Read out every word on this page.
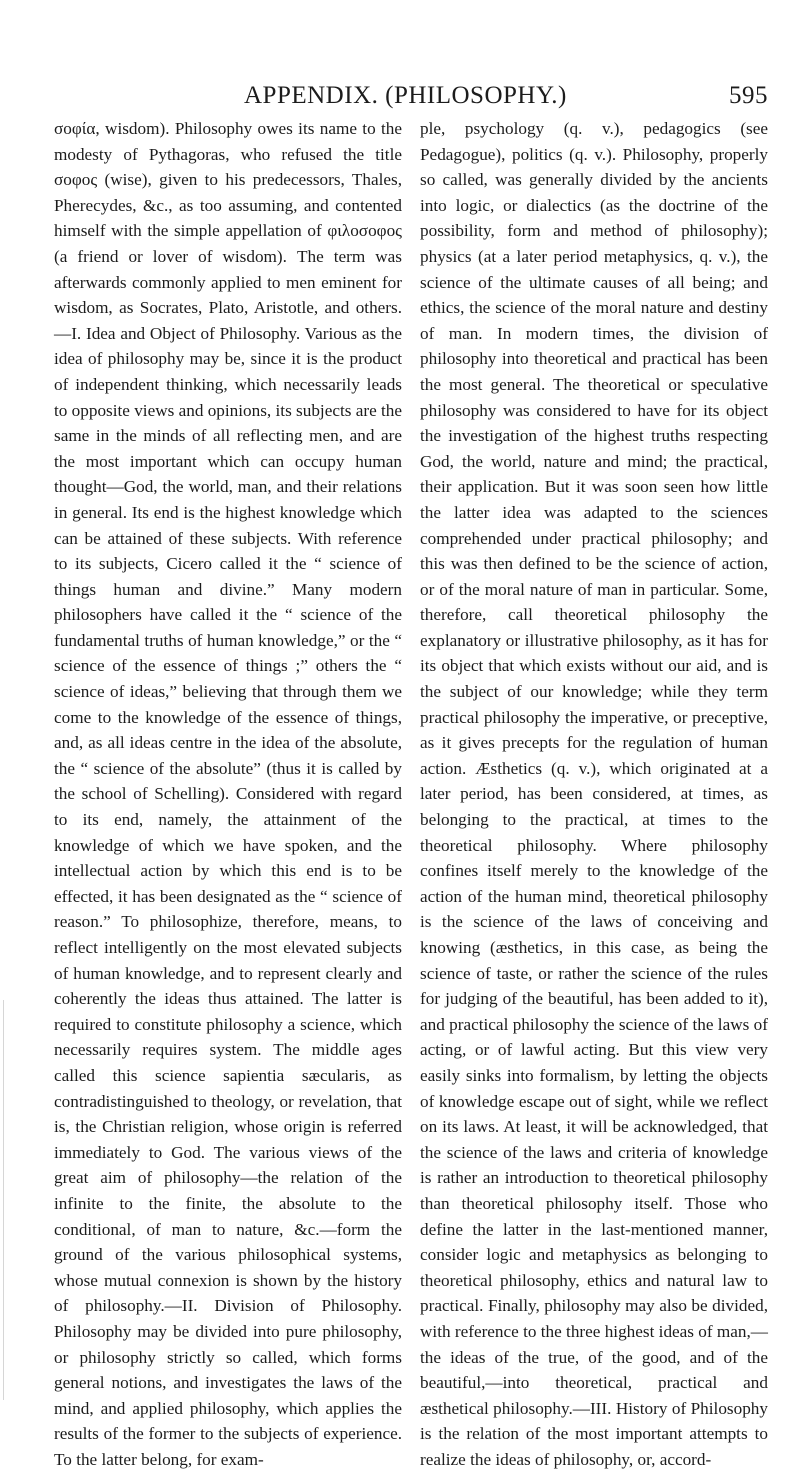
APPENDIX. (PHILOSOPHY.)	595

σοφία, wisdom). Philosophy owes its name to the modesty of Pythagoras, who refused the title σοφος (wise), given to his predecessors, Thales, Pherecydes, &c., as too assuming, and contented himself with the simple appellation of φιλοσοφος (a friend or lover of wisdom). The term was afterwards commonly applied to men eminent for wisdom, as Socrates, Plato, Aristotle, and others.—I. Idea and Object of Philosophy. Various as the idea of philosophy may be, since it is the product of independent thinking, which necessarily leads to opposite views and opinions, its subjects are the same in the minds of all reflecting men, and are the most important which can occupy human thought—God, the world, man, and their relations in general. Its end is the highest knowledge which can be attained of these subjects. With reference to its subjects, Cicero called it the “ science of things human and divine.” Many modern philosophers have called it the “ science of the fundamental truths of human knowledge,” or the “ science of the essence of things ;” others the “ science of ideas,” believing that through them we come to the knowledge of the essence of things, and, as all ideas centre in the idea of the absolute, the “ science of the absolute” (thus it is called by the school of Schelling). Considered with regard to its end, namely, the attainment of the knowledge of which we have spoken, and the intellectual action by which this end is to be effected, it has been designated as the “ science of reason.” To philosophize, therefore, means, to reflect intelligently on the most elevated subjects of human knowledge, and to represent clearly and coherently the ideas thus attained. The latter is required to constitute philosophy a science, which necessarily requires system. The middle ages called this science sapientia sæcularis, as contradistinguished to theology, or revelation, that is, the Christian religion, whose origin is referred immediately to God. The various views of the great aim of philosophy—the relation of the infinite to the finite, the absolute to the conditional, of man to nature, &c.—form the ground of the various philosophical systems, whose mutual connexion is shown by the history of philosophy.—II. Division of Philosophy. Philosophy may be divided into pure philosophy, or philosophy strictly so called, which forms general notions, and investigates the laws of the mind, and applied philosophy, which applies the results of the former to the subjects of experience. To the latter belong, for exam-

ple, psychology (q. v.), pedagogics (see Pedagogue), politics (q. v.). Philosophy, properly so called, was generally divided by the ancients into logic, or dialectics (as the doctrine of the possibility, form and method of philosophy); physics (at a later period metaphysics, q. v.), the science of the ultimate causes of all being; and ethics, the science of the moral nature and destiny of man. In modern times, the division of philosophy into theoretical and practical has been the most general. The theoretical or speculative philosophy was considered to have for its object the investigation of the highest truths respecting God, the world, nature and mind; the practical, their application. But it was soon seen how little the latter idea was adapted to the sciences comprehended under practical philosophy; and this was then defined to be the science of action, or of the moral nature of man in particular. Some, therefore, call theoretical philosophy the explanatory or illustrative philosophy, as it has for its object that which exists without our aid, and is the subject of our knowledge; while they term practical philosophy the imperative, or preceptive, as it gives precepts for the regulation of human action. Æsthetics (q. v.), which originated at a later period, has been considered, at times, as belonging to the practical, at times to the theoretical philosophy. Where philosophy confines itself merely to the knowledge of the action of the human mind, theoretical philosophy is the science of the laws of conceiving and knowing (æsthetics, in this case, as being the science of taste, or rather the science of the rules for judging of the beautiful, has been added to it), and practical philosophy the science of the laws of acting, or of lawful acting. But this view very easily sinks into formalism, by letting the objects of knowledge escape out of sight, while we reflect on its laws. At least, it will be acknowledged, that the science of the laws and criteria of knowledge is rather an introduction to theoretical philosophy than theoretical philosophy itself. Those who define the latter in the last-mentioned manner, consider logic and metaphysics as belonging to theoretical philosophy, ethics and natural law to practical. Finally, philosophy may also be divided, with reference to the three highest ideas of man,—the ideas of the true, of the good, and of the beautiful,—into theoretical, practical and æsthetical philosophy.—III. History of Philosophy is the relation of the most important attempts to realize the ideas of philosophy, or, accord-
